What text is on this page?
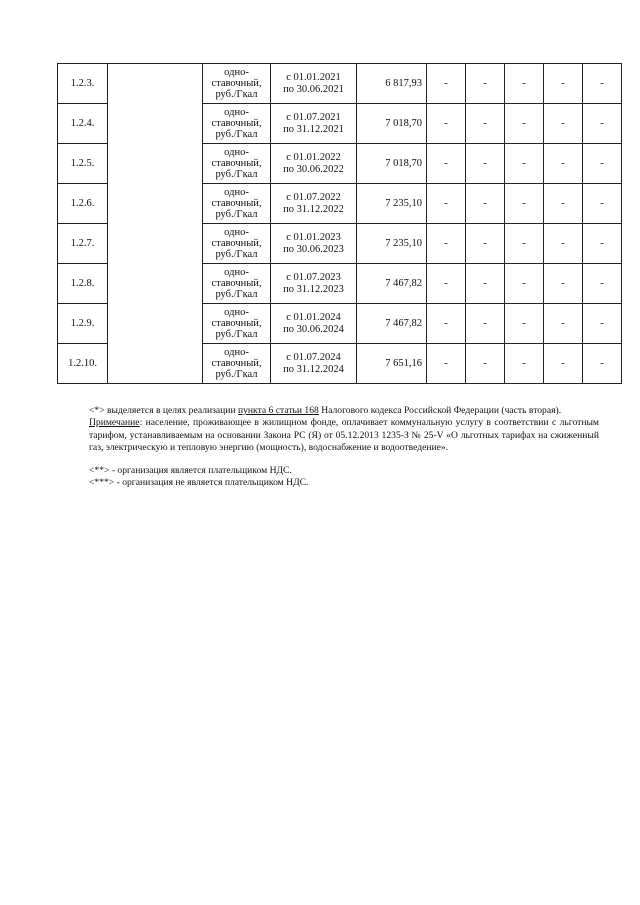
1.2.3.		одно-
ставочный,
руб./Гкал	с 01.01.2021
по 30.06.2021	6 817,93	-	-	-	-	-
1.2.4.		одно-
ставочный,
руб./Гкал	с 01.07.2021
по 31.12.2021	7 018,70	-	-	-	-	-
1.2.5.		одно-
ставочный,
руб./Гкал	с 01.01.2022
по 30.06.2022	7 018,70	-	-	-	-	-
1.2.6.		одно-
ставочный,
руб./Гкал	с 01.07.2022
по 31.12.2022	7 235,10	-	-	-	-	-
1.2.7.		одно-
ставочный,
руб./Гкал	с 01.01.2023
по 30.06.2023	7 235,10	-	-	-	-	-
1.2.8.		одно-
ставочный,
руб./Гкал	с 01.07.2023
по 31.12.2023	7 467,82	-	-	-	-	-
1.2.9.		одно-
ставочный,
руб./Гкал	с 01.01.2024
по 30.06.2024	7 467,82	-	-	-	-	-
1.2.10.		одно-
ставочный,
руб./Гкал	с 01.07.2024
по 31.12.2024	7 651,16	-	-	-	-	-

<*> выделяется в целях реализации пункта 6 статьи 168 Налогового кодекса Российской Федерации (часть вторая).

Примечание: население, проживающее в жилищном фонде, оплачивает коммунальную услугу в соответствии с льготным тарифом, устанавливаемым на основании Закона РС (Я) от 05.12.2013 1235-З № 25-V «О льготных тарифах на сжиженный газ, электрическую и тепловую энергию (мощность), водоснабжение и водоотведение».

<**> - организация является плательщиком НДС.

<***> - организация не является плательщиком НДС.
